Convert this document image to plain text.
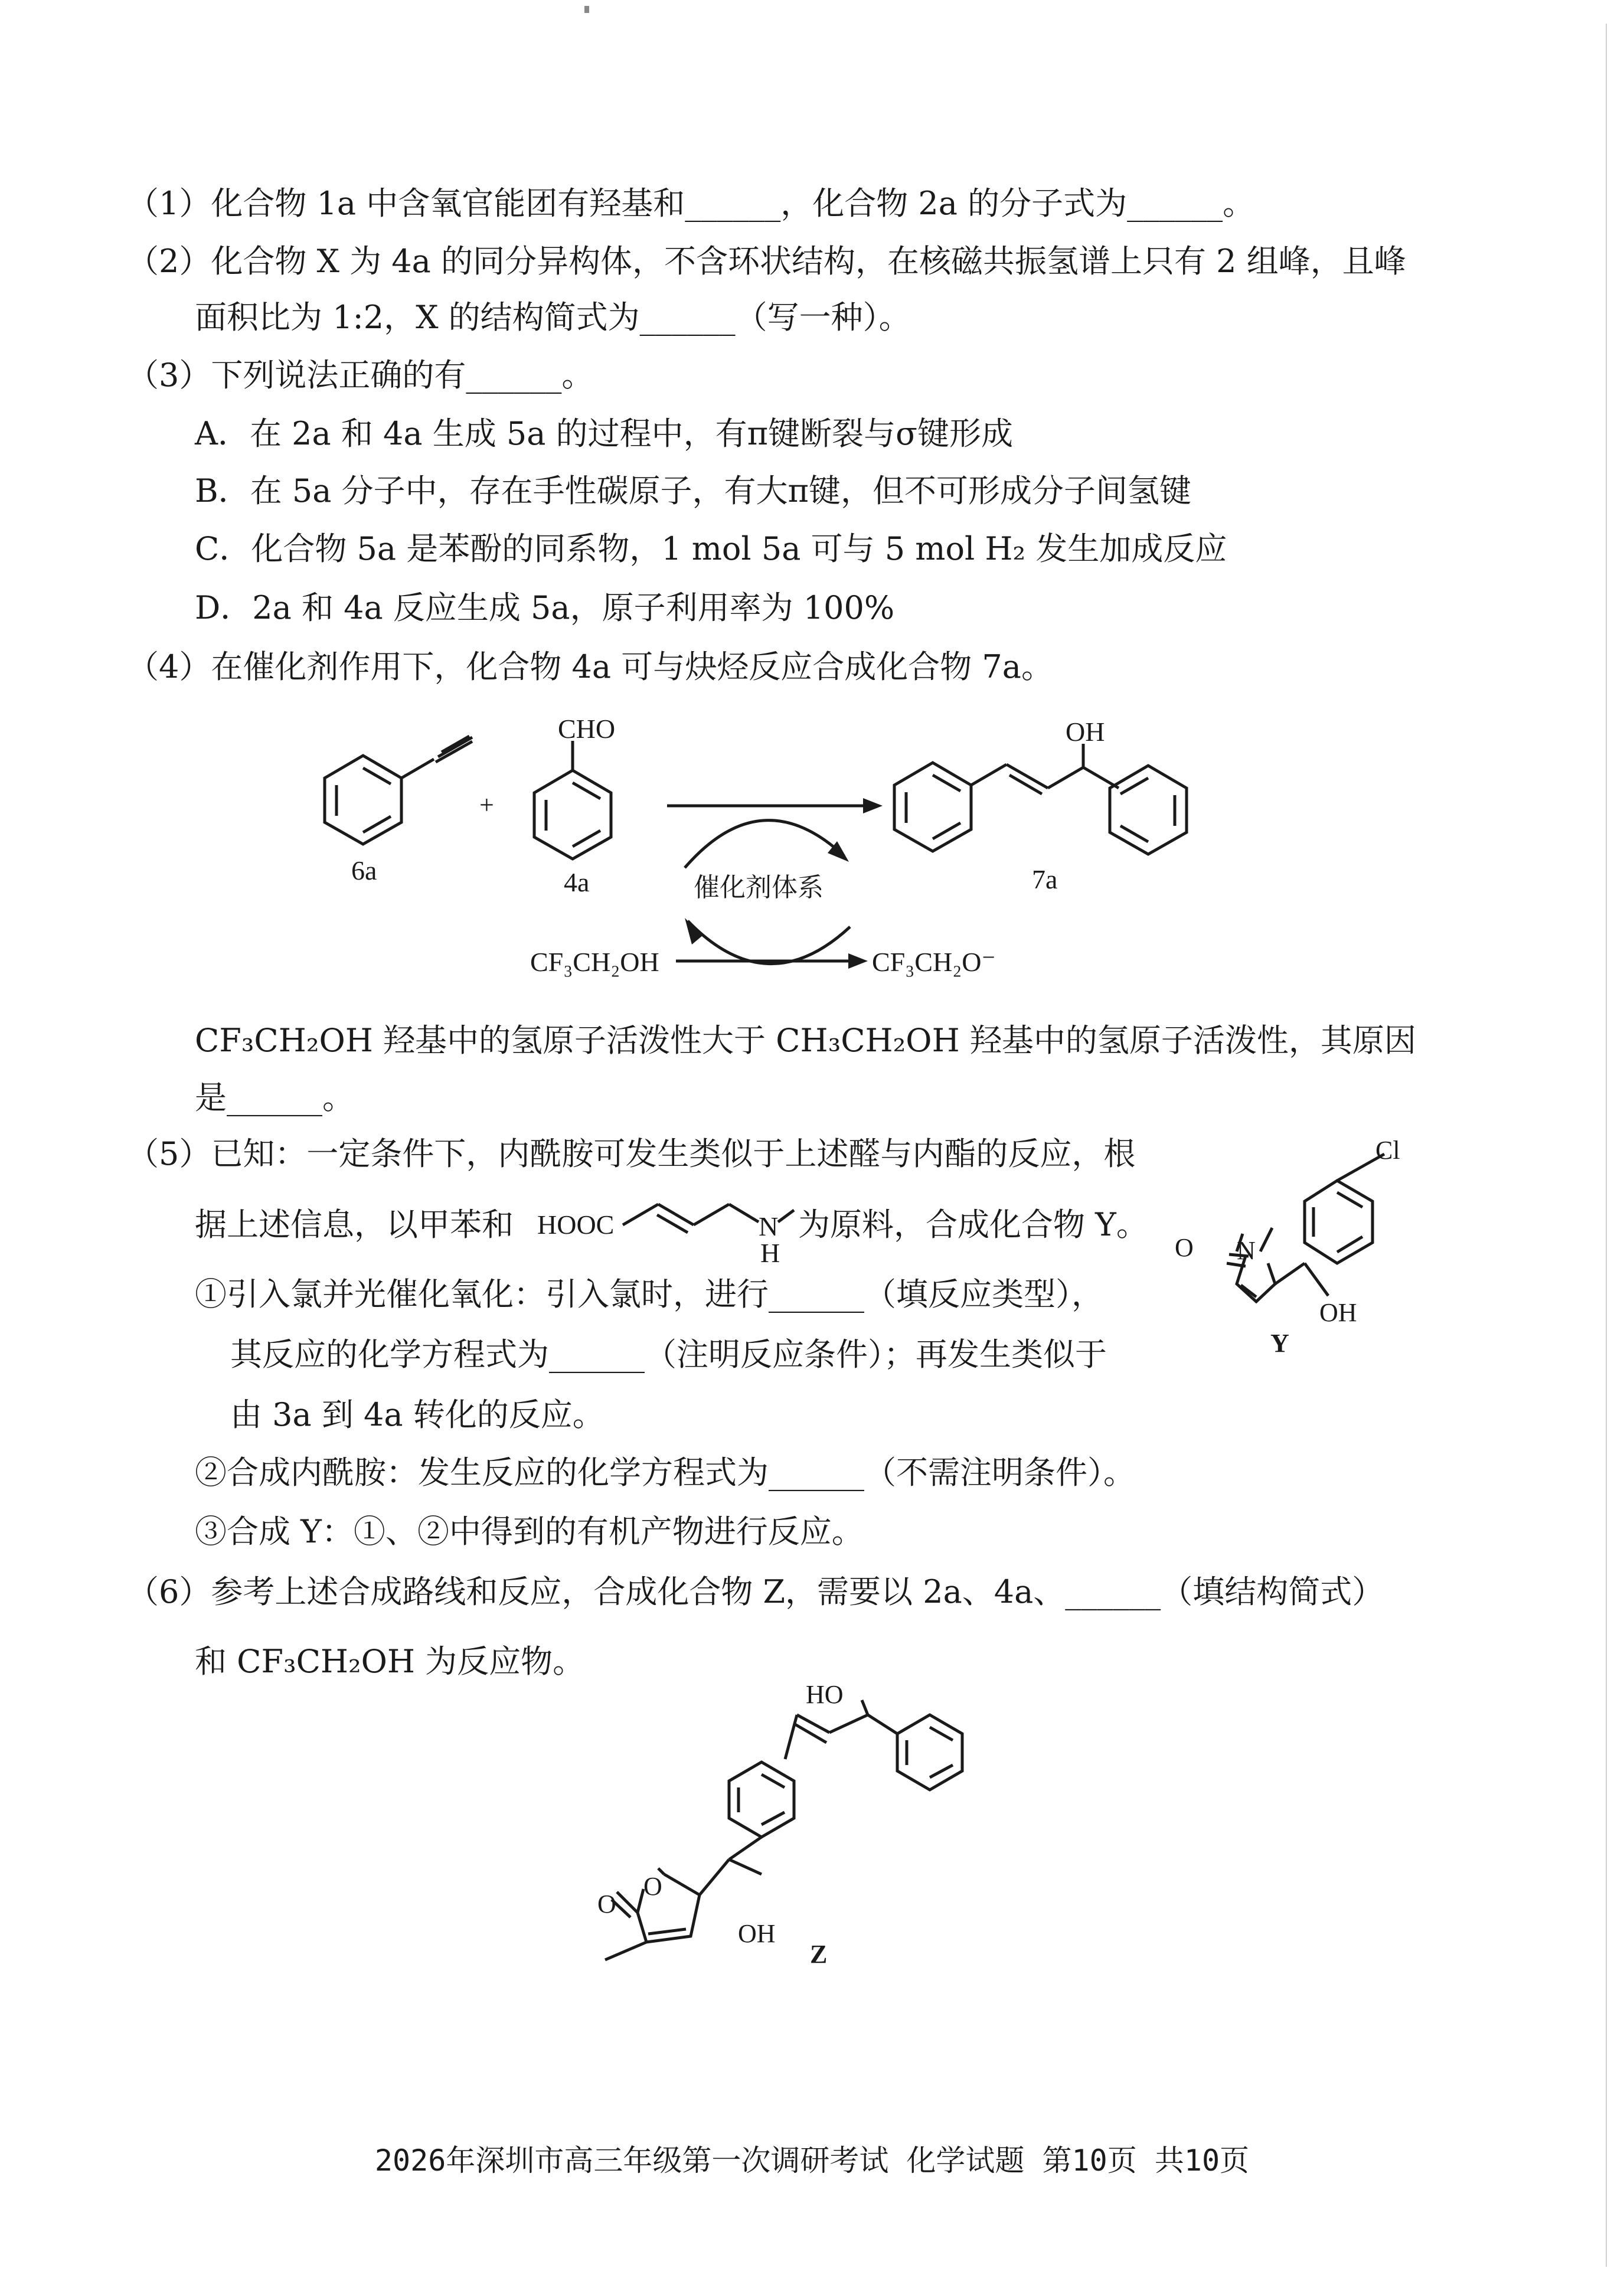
（1）化合物 1a 中含氧官能团有羟基和______，化合物 2a 的分子式为______。
（2）化合物 X 为 4a 的同分异构体，不含环状结构，在核磁共振氢谱上只有 2 组峰，且峰
面积比为 1:2，X 的结构简式为______（写一种）。
（3）下列说法正确的有______。
A．在 2a 和 4a 生成 5a 的过程中，有π键断裂与σ键形成
B．在 5a 分子中，存在手性碳原子，有大π键，但不可形成分子间氢键
C．化合物 5a 是苯酚的同系物，1 mol 5a 可与 5 mol H₂ 发生加成反应
D．2a 和 4a 反应生成 5a，原子利用率为 100%
（4）在催化剂作用下，化合物 4a 可与炔烃反应合成化合物 7a。
CHO	OH
+
6a	4a	7a
催化剂体系
CF₃CH₂OH	CF₃CH₂O⁻
CF₃CH₂OH 羟基中的氢原子活泼性大于 CH₃CH₂OH 羟基中的氢原子活泼性，其原因
是______。
（5）已知：一定条件下，内酰胺可发生类似于上述醛与内酯的反应，根
据上述信息，以甲苯和	为原料，合成化合物 Y。
HOOC	N
H
①引入氯并光催化氧化：引入氯时，进行______（填反应类型），
其反应的化学方程式为______（注明反应条件）；再发生类似于
由 3a 到 4a 转化的反应。
②合成内酰胺：发生反应的化学方程式为______（不需注明条件）。
③合成 Y：①、②中得到的有机产物进行反应。
Cl
O N
OH
Y
（6）参考上述合成路线和反应，合成化合物 Z，需要以 2a、4a、______（填结构简式）
和 CF₃CH₂OH 为反应物。
HO
O
O
OH
Z
2026年深圳市高三年级第一次调研考试 化学试题 第10页 共10页
